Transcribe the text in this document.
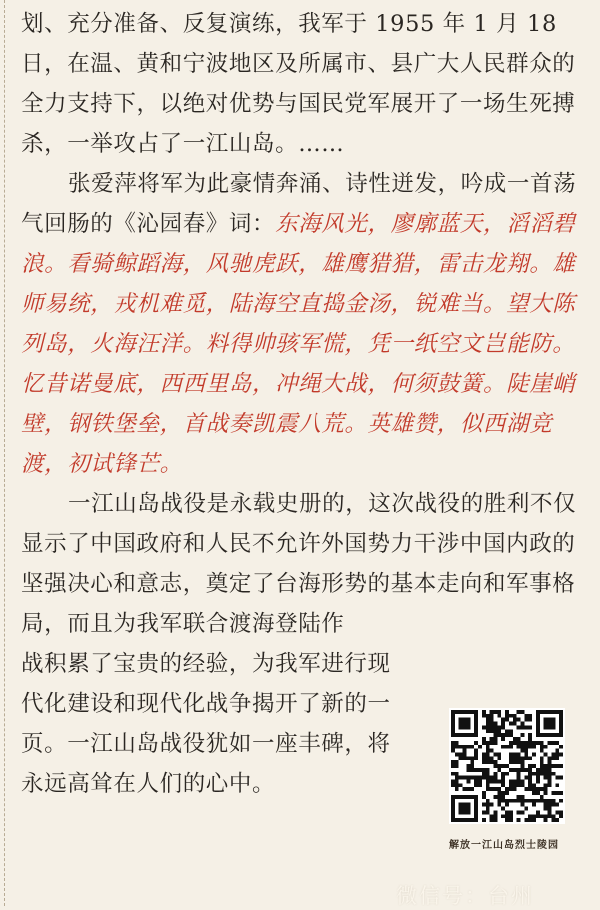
划、充分准备、反复演练，我军于 1955 年 1 月 18 日，在温、黄和宁波地区及所属市、县广大人民群众的全力支持下，以绝对优势与国民党军展开了一场生死搏杀，一举攻占了一江山岛。……

张爱萍将军为此豪情奔涌、诗性迸发，吟成一首荡气回肠的《沁园春》词：东海风光，廖廓蓝天，滔滔碧浪。看骑鲸蹈海，风驰虎跃，雄鹰猎猎，雷击龙翔。雄师易统，戎机难觅，陆海空直捣金汤，锐难当。望大陈列岛，火海汪洋。料得帅骇军慌，凭一纸空文岂能防。忆昔诺曼底，西西里岛，冲绳大战，何须鼓簧。陡崖峭壁，钢铁堡垒，首战奏凯震八荒。英雄赞，似西湖竞渡，初试锋芒。

一江山岛战役是永载史册的，这次战役的胜利不仅显示了中国政府和人民不允许外国势力干涉中国内政的坚强决心和意志，奠定了台海形势的基本走向和军事格局，而且为我军联合渡海登陆作

战积累了宝贵的经验，为我军进行现
代化建设和现代化战争揭开了新的一
页。一江山岛战役犹如一座丰碑，将
永远高耸在人们的心中。
解放一江山岛烈士陵园
微信号：台州
